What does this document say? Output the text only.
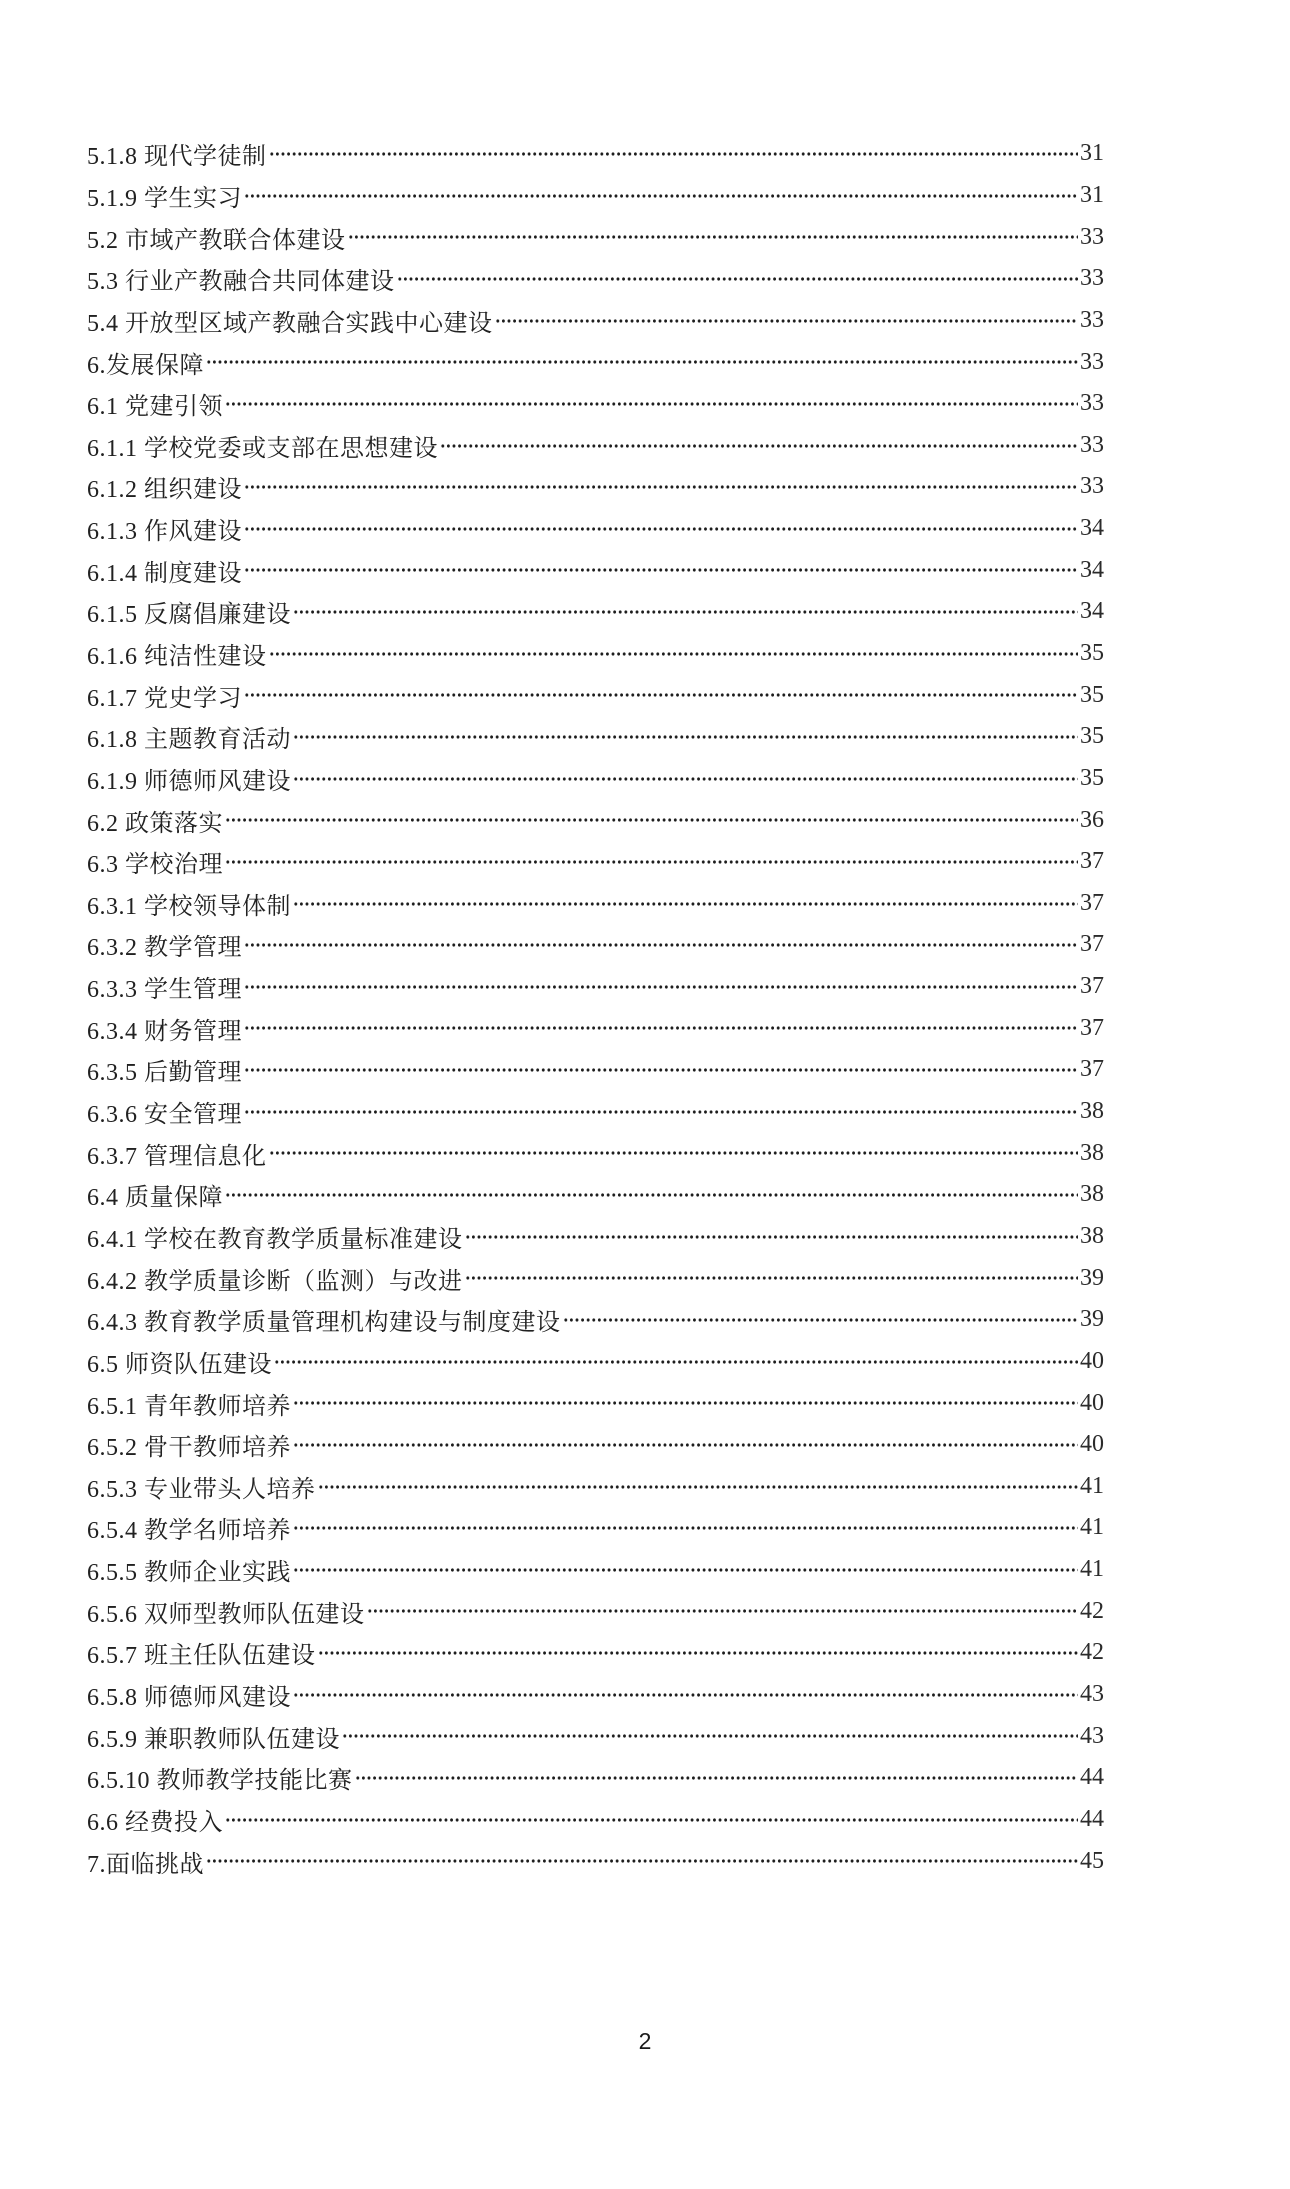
5.1.8 现代学徒制	31
5.1.9 学生实习	31
5.2 市域产教联合体建设	33
5.3 行业产教融合共同体建设	33
5.4 开放型区域产教融合实践中心建设	33
6.发展保障	33
6.1 党建引领	33
6.1.1 学校党委或支部在思想建设	33
6.1.2 组织建设	33
6.1.3 作风建设	34
6.1.4 制度建设	34
6.1.5 反腐倡廉建设	34
6.1.6 纯洁性建设	35
6.1.7 党史学习	35
6.1.8 主题教育活动	35
6.1.9 师德师风建设	35
6.2 政策落实	36
6.3 学校治理	37
6.3.1 学校领导体制	37
6.3.2 教学管理	37
6.3.3 学生管理	37
6.3.4 财务管理	37
6.3.5 后勤管理	37
6.3.6 安全管理	38
6.3.7 管理信息化	38
6.4 质量保障	38
6.4.1 学校在教育教学质量标准建设	38
6.4.2 教学质量诊断（监测）与改进	39
6.4.3 教育教学质量管理机构建设与制度建设	39
6.5 师资队伍建设	40
6.5.1 青年教师培养	40
6.5.2 骨干教师培养	40
6.5.3 专业带头人培养	41
6.5.4 教学名师培养	41
6.5.5 教师企业实践	41
6.5.6 双师型教师队伍建设	42
6.5.7 班主任队伍建设	42
6.5.8 师德师风建设	43
6.5.9 兼职教师队伍建设	43
6.5.10 教师教学技能比赛	44
6.6 经费投入	44
7.面临挑战	45
2
